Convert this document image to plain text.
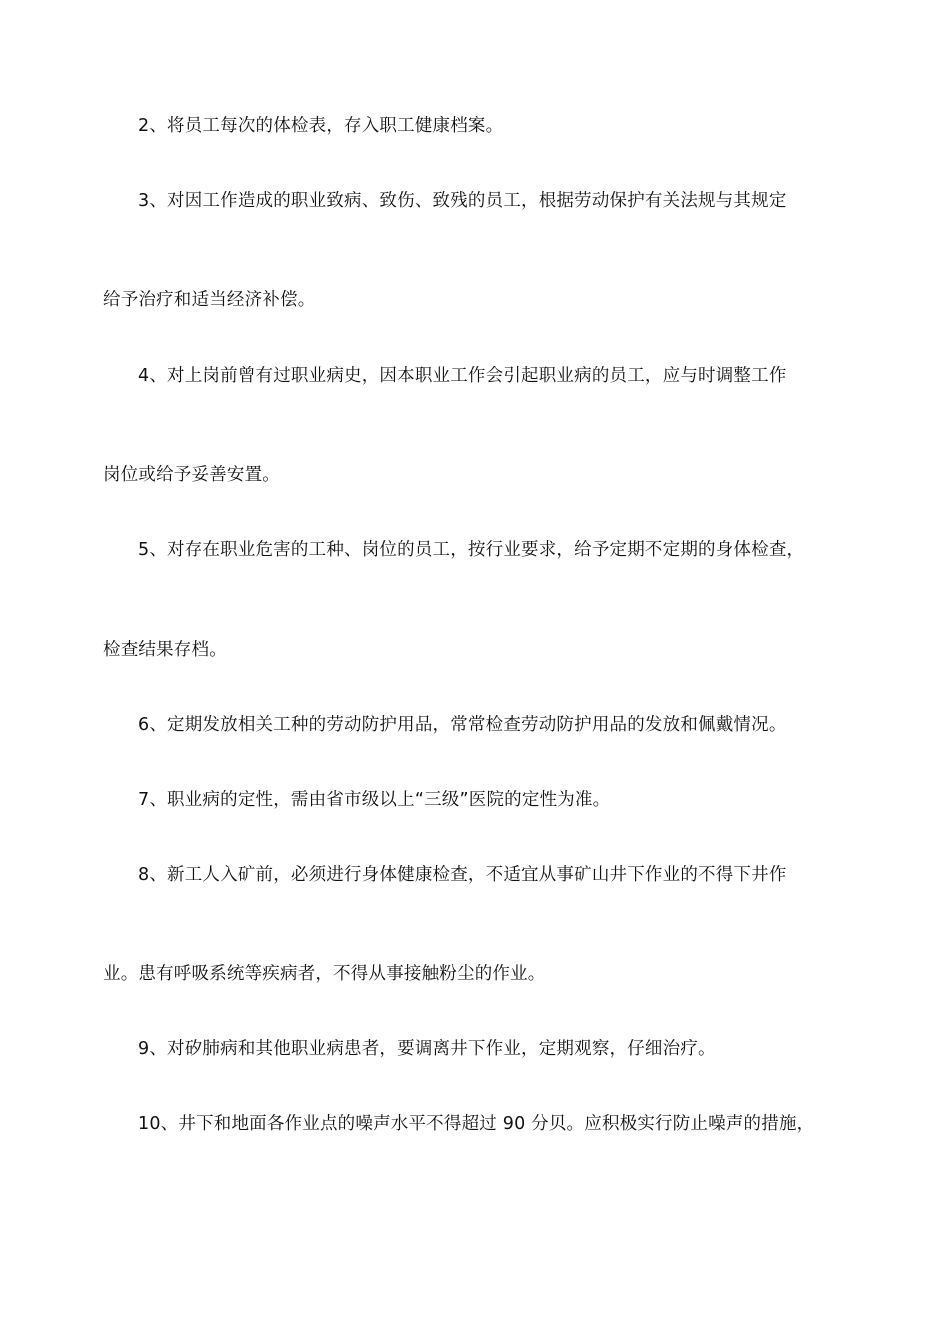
2、将员工每次的体检表，存入职工健康档案。
3、对因工作造成的职业致病、致伤、致残的员工，根据劳动保护有关法规与其规定
给予治疗和适当经济补偿。
4、对上岗前曾有过职业病史，因本职业工作会引起职业病的员工，应与时调整工作
岗位或给予妥善安置。
5、对存在职业危害的工种、岗位的员工，按行业要求，给予定期不定期的身体检查，
检查结果存档。
6、定期发放相关工种的劳动防护用品，常常检查劳动防护用品的发放和佩戴情况。
7、职业病的定性，需由省市级以上“三级”医院的定性为准。
8、新工人入矿前，必须进行身体健康检查，不适宜从事矿山井下作业的不得下井作
业。患有呼吸系统等疾病者，不得从事接触粉尘的作业。
9、对矽肺病和其他职业病患者，要调离井下作业，定期观察，仔细治疗。
10、井下和地面各作业点的噪声水平不得超过 90 分贝。应积极实行防止噪声的措施，
